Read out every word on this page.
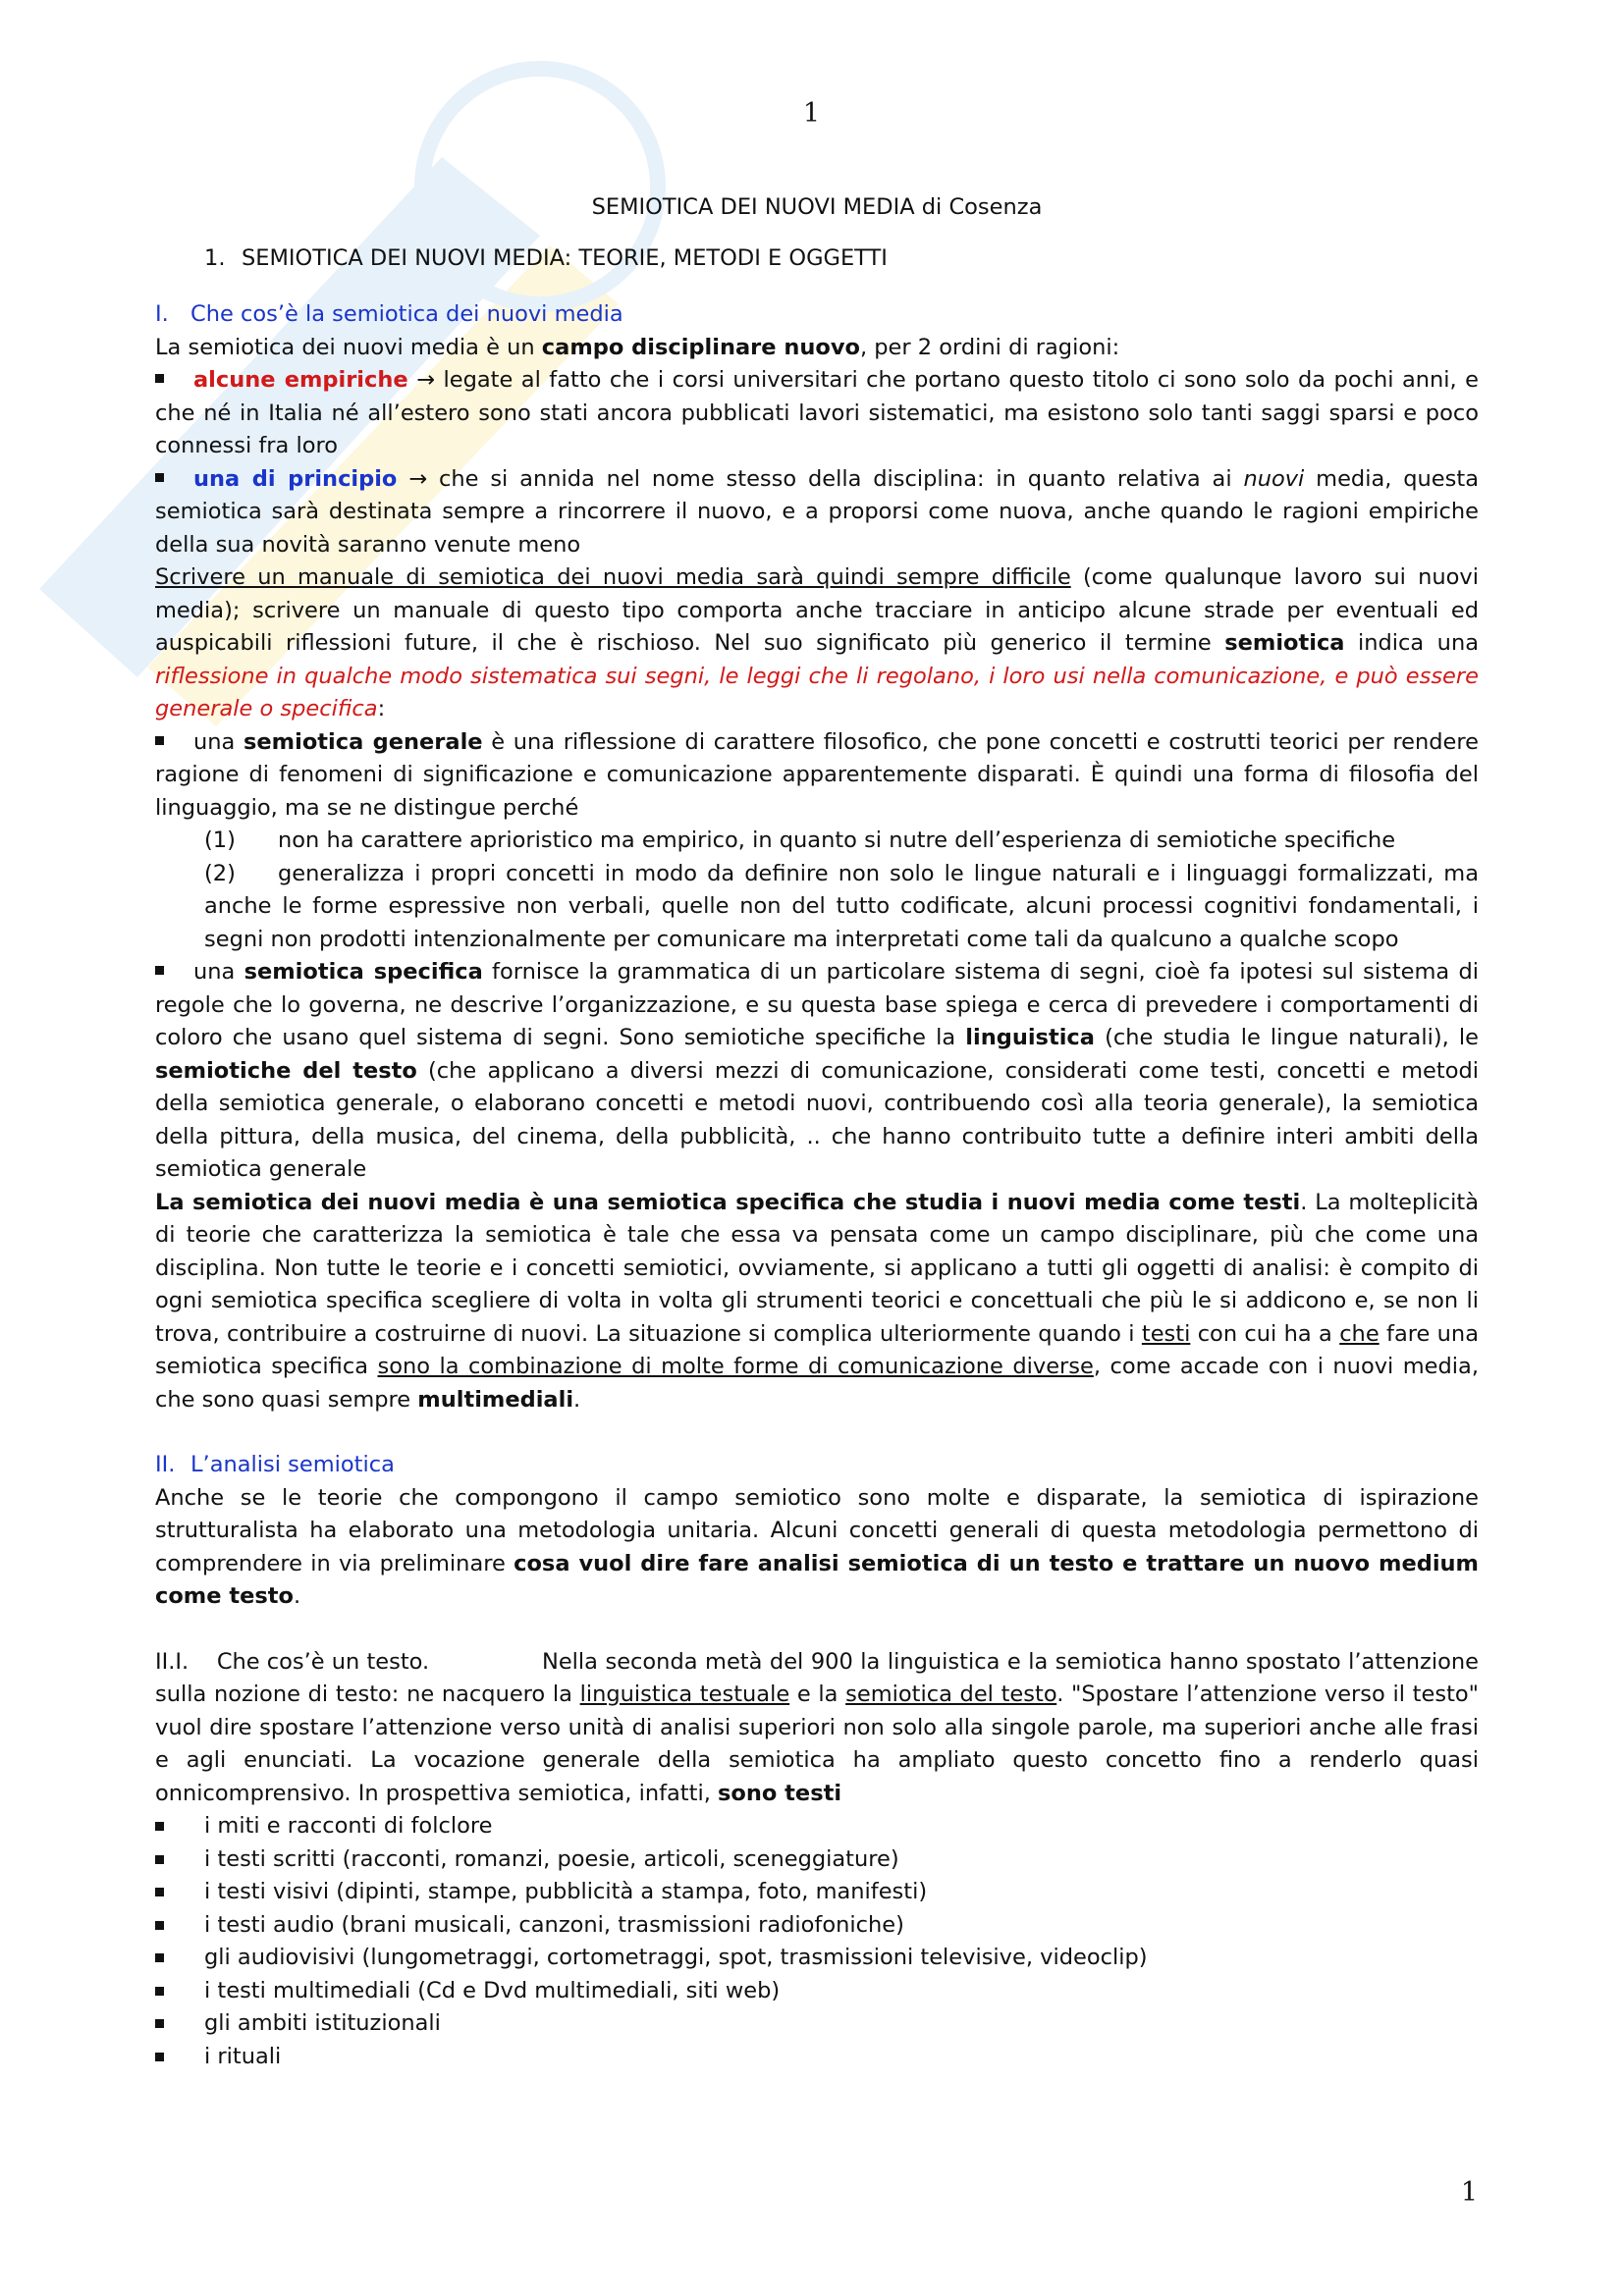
1
SEMIOTICA DEI NUOVI MEDIA di Cosenza
1. SEMIOTICA DEI NUOVI MEDIA: TEORIE, METODI E OGGETTI
I. Che cos’è la semiotica dei nuovi media

La semiotica dei nuovi media è un campo disciplinare nuovo, per 2 ordini di ragioni:

alcune empiriche → legate al fatto che i corsi universitari che portano questo titolo ci sono solo da pochi anni, e che né in Italia né all’estero sono stati ancora pubblicati lavori sistematici, ma esistono solo tanti saggi sparsi e poco connessi fra loro

una di principio → che si annida nel nome stesso della disciplina: in quanto relativa ai nuovi media, questa semiotica sarà destinata sempre a rincorrere il nuovo, e a proporsi come nuova, anche quando le ragioni empiriche della sua novità saranno venute meno

Scrivere un manuale di semiotica dei nuovi media sarà quindi sempre difficile (come qualunque lavoro sui nuovi media); scrivere un manuale di questo tipo comporta anche tracciare in anticipo alcune strade per eventuali ed auspicabili riflessioni future, il che è rischioso. Nel suo significato più generico il termine semiotica indica una riflessione in qualche modo sistematica sui segni, le leggi che li regolano, i loro usi nella comunicazione, e può essere generale o specifica:

una semiotica generale è una riflessione di carattere filosofico, che pone concetti e costrutti teorici per rendere ragione di fenomeni di significazione e comunicazione apparentemente disparati. È quindi una forma di filosofia del linguaggio, ma se ne distingue perché

(1) non ha carattere aprioristico ma empirico, in quanto si nutre dell’esperienza di semiotiche specifiche

(2) generalizza i propri concetti in modo da definire non solo le lingue naturali e i linguaggi formalizzati, ma anche le forme espressive non verbali, quelle non del tutto codificate, alcuni processi cognitivi fondamentali, i segni non prodotti intenzionalmente per comunicare ma interpretati come tali da qualcuno a qualche scopo

una semiotica specifica fornisce la grammatica di un particolare sistema di segni, cioè fa ipotesi sul sistema di regole che lo governa, ne descrive l’organizzazione, e su questa base spiega e cerca di prevedere i comportamenti di coloro che usano quel sistema di segni. Sono semiotiche specifiche la linguistica (che studia le lingue naturali), le semiotiche del testo (che applicano a diversi mezzi di comunicazione, considerati come testi, concetti e metodi della semiotica generale, o elaborano concetti e metodi nuovi, contribuendo così alla teoria generale), la semiotica della pittura, della musica, del cinema, della pubblicità, .. che hanno contribuito tutte a definire interi ambiti della semiotica generale

La semiotica dei nuovi media è una semiotica specifica che studia i nuovi media come testi. La molteplicità di teorie che caratterizza la semiotica è tale che essa va pensata come un campo disciplinare, più che come una disciplina. Non tutte le teorie e i concetti semiotici, ovviamente, si applicano a tutti gli oggetti di analisi: è compito di ogni semiotica specifica scegliere di volta in volta gli strumenti teorici e concettuali che più le si addicono e, se non li trova, contribuire a costruirne di nuovi. La situazione si complica ulteriormente quando i testi con cui ha a che fare una semiotica specifica sono la combinazione di molte forme di comunicazione diverse, come accade con i nuovi media, che sono quasi sempre multimediali.

II. L’analisi semiotica

Anche se le teorie che compongono il campo semiotico sono molte e disparate, la semiotica di ispirazione strutturalista ha elaborato una metodologia unitaria. Alcuni concetti generali di questa metodologia permettono di comprendere in via preliminare cosa vuol dire fare analisi semiotica di un testo e trattare un nuovo medium come testo.

II.I.    Che cos’è un testo.	Nella seconda metà del 900 la linguistica e la semiotica hanno spostato l’attenzione sulla nozione di testo: ne nacquero la linguistica testuale e la semiotica del testo. "Spostare l’attenzione verso il testo" vuol dire spostare l’attenzione verso unità di analisi superiori non solo alla singole parole, ma superiori anche alle frasi e agli enunciati. La vocazione generale della semiotica ha ampliato questo concetto fino a renderlo quasi onnicomprensivo. In prospettiva semiotica, infatti, sono testi

i miti e racconti di folclore

i testi scritti (racconti, romanzi, poesie, articoli, sceneggiature)

i testi visivi (dipinti, stampe, pubblicità a stampa, foto, manifesti)

i testi audio (brani musicali, canzoni, trasmissioni radiofoniche)

gli audiovisivi (lungometraggi, cortometraggi, spot, trasmissioni televisive, videoclip)

i testi multimediali (Cd e Dvd multimediali, siti web)

gli ambiti istituzionali

i rituali

1
